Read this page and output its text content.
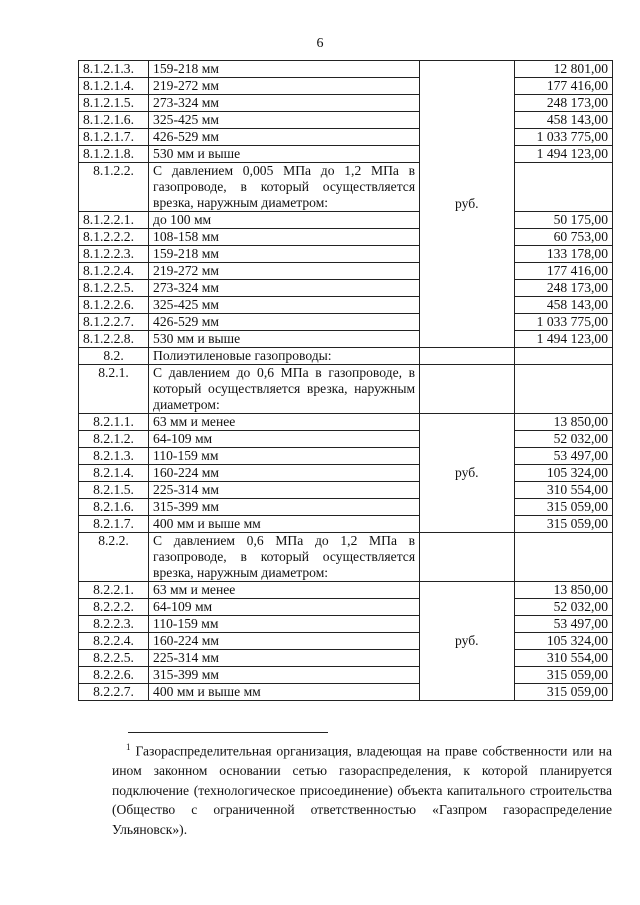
6
8.1.2.1.3.	159-218 мм	руб.	12 801,00
8.1.2.1.4.	219-272 мм		177 416,00
8.1.2.1.5.	273-324 мм		248 173,00
8.1.2.1.6.	325-425 мм		458 143,00
8.1.2.1.7.	426-529 мм		1 033 775,00
8.1.2.1.8.	530 мм и выше		1 494 123,00
8.1.2.2.	С давлением 0,005 МПа до 1,2 МПа в газопроводе, в который осуществляется врезка, наружным диаметром:		
8.1.2.2.1.	до 100 мм		50 175,00
8.1.2.2.2.	108-158 мм		60 753,00
8.1.2.2.3.	159-218 мм		133 178,00
8.1.2.2.4.	219-272 мм		177 416,00
8.1.2.2.5.	273-324 мм		248 173,00
8.1.2.2.6.	325-425 мм		458 143,00
8.1.2.2.7.	426-529 мм		1 033 775,00
8.1.2.2.8.	530 мм и выше		1 494 123,00
8.2.	Полиэтиленовые газопроводы:		
8.2.1.	С давлением до 0,6 МПа в газопроводе, в который осуществляется врезка, наружным диаметром:		
8.2.1.1.	63 мм и менее	руб.	13 850,00
8.2.1.2.	64-109 мм		52 032,00
8.2.1.3.	110-159 мм		53 497,00
8.2.1.4.	160-224 мм		105 324,00
8.2.1.5.	225-314 мм		310 554,00
8.2.1.6.	315-399 мм		315 059,00
8.2.1.7.	400 мм и выше мм		315 059,00
8.2.2.	С давлением 0,6 МПа до 1,2 МПа в газопроводе, в который осуществляется врезка, наружным диаметром:		
8.2.2.1.	63 мм и менее	руб.	13 850,00
8.2.2.2.	64-109 мм		52 032,00
8.2.2.3.	110-159 мм		53 497,00
8.2.2.4.	160-224 мм		105 324,00
8.2.2.5.	225-314 мм		310 554,00
8.2.2.6.	315-399 мм		315 059,00
8.2.2.7.	400 мм и выше мм		315 059,00
$^1$ Газораспределительная организация, владеющая на праве собственности или на ином законном основании сетью газораспределения, к которой планируется подключение (технологическое присоединение) объекта капитального строительства (Общество с ограниченной ответственностью «Газпром газораспределение Ульяновск»).
